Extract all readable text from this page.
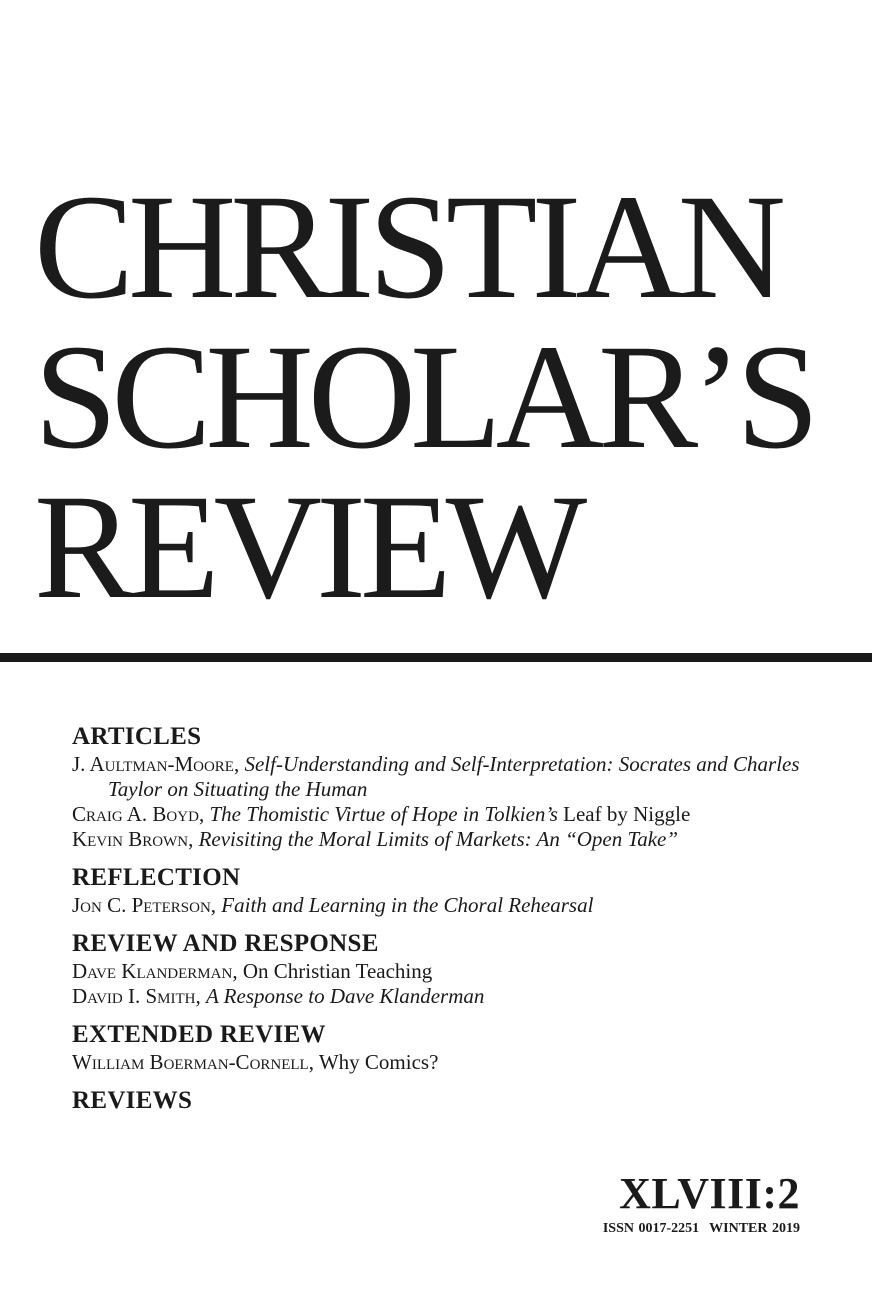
CHRISTIAN
SCHOLAR’S
REVIEW
ARTICLES
J. Aultman-Moore, Self-Understanding and Self-Interpretation: Socrates and Charles Taylor on Situating the Human
Craig A. Boyd, The Thomistic Virtue of Hope in Tolkien’s Leaf by Niggle
Kevin Brown, Revisiting the Moral Limits of Markets: An “Open Take”
REFLECTION
Jon C. Peterson, Faith and Learning in the Choral Rehearsal
REVIEW AND RESPONSE
Dave Klanderman, On Christian Teaching
David I. Smith, A Response to Dave Klanderman
EXTENDED REVIEW
William Boerman-Cornell, Why Comics?
REVIEWS
XLVIII:2
ISSN 0017-2251 WINTER 2019
